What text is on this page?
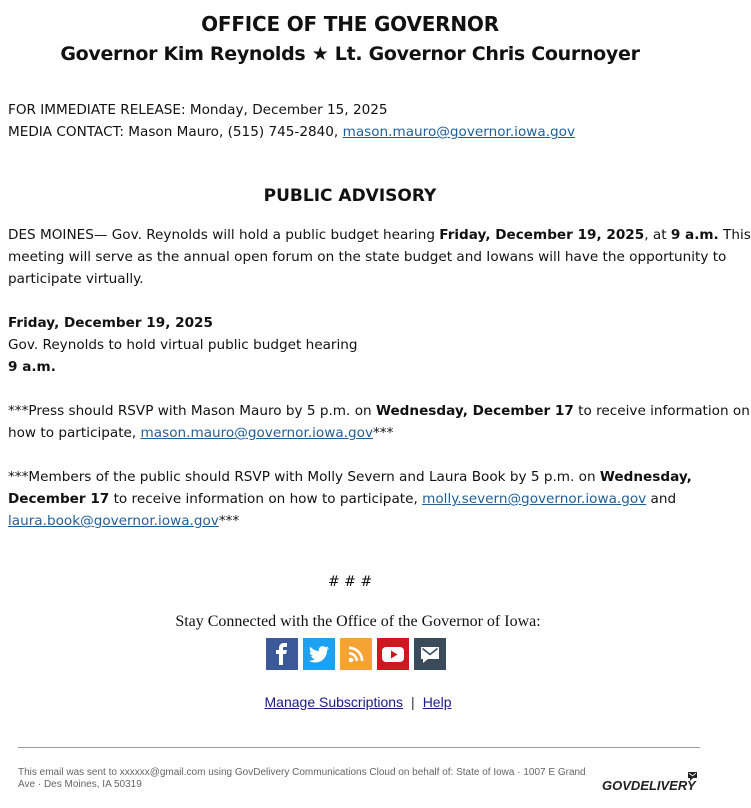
OFFICE OF THE GOVERNOR
Governor Kim Reynolds ★ Lt. Governor Chris Cournoyer
FOR IMMEDIATE RELEASE: Monday, December 15, 2025
MEDIA CONTACT: Mason Mauro, (515) 745-2840, mason.mauro@governor.iowa.gov
PUBLIC ADVISORY
DES MOINES— Gov. Reynolds will hold a public budget hearing Friday, December 19, 2025, at 9 a.m. This
meeting will serve as the annual open forum on the state budget and Iowans will have the opportunity to
participate virtually.
Friday, December 19, 2025
Gov. Reynolds to hold virtual public budget hearing
9 a.m.
***Press should RSVP with Mason Mauro by 5 p.m. on Wednesday, December 17 to receive information on
how to participate, mason.mauro@governor.iowa.gov***
***Members of the public should RSVP with Molly Severn and Laura Book by 5 p.m. on Wednesday,
December 17 to receive information on how to participate, molly.severn@governor.iowa.gov and
laura.book@governor.iowa.gov***
# # #
Stay Connected with the Office of the Governor of Iowa:
Manage Subscriptions | Help
This email was sent to xxxxxx@gmail.com using GovDelivery Communications Cloud on behalf of: State of Iowa · 1007 E Grand Ave · Des Moines, IA 50319	GOVDELIVERY
